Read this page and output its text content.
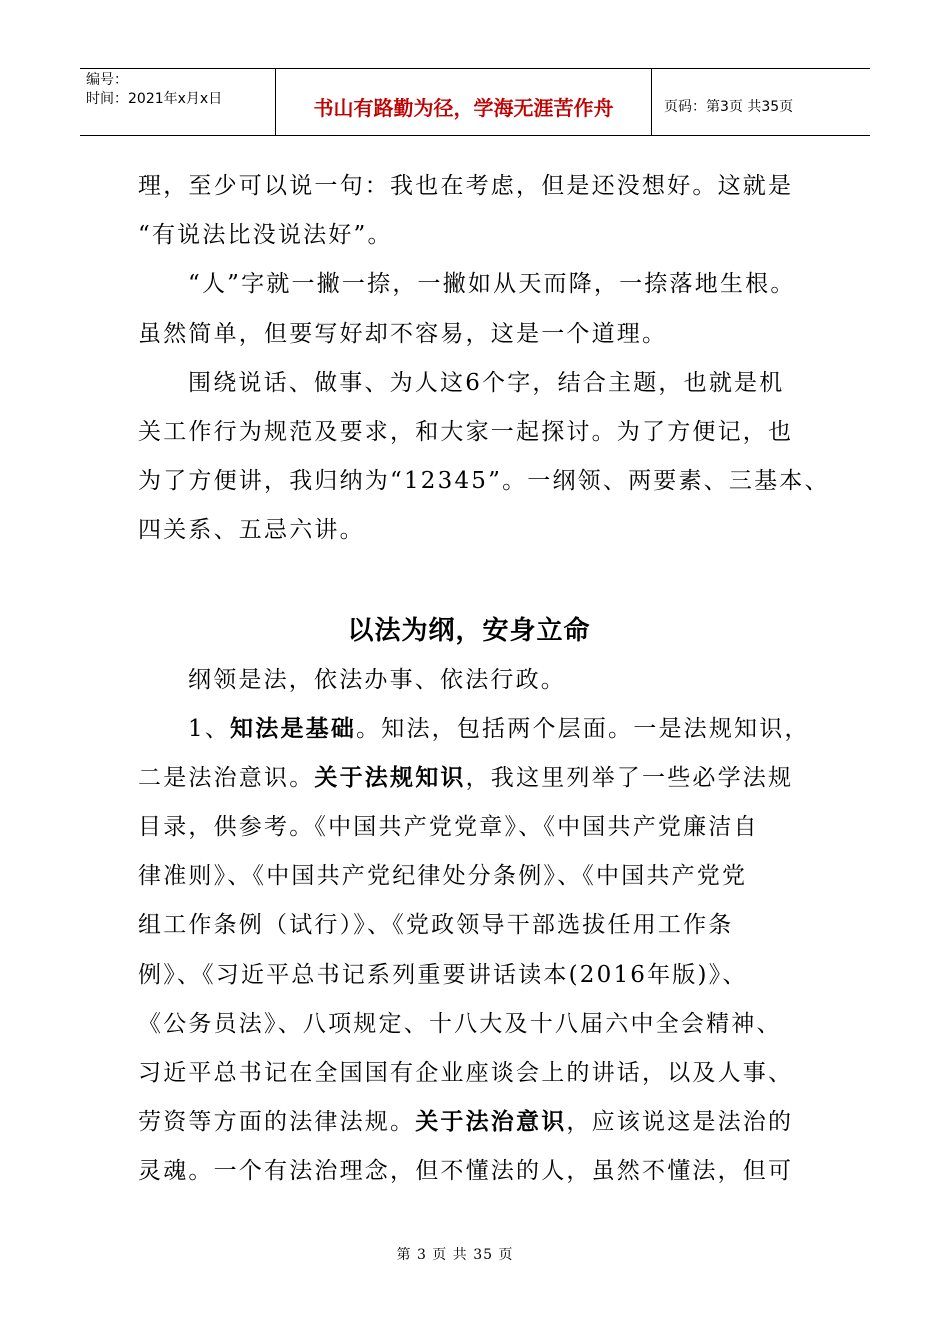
编号：
时间：2021年x月x日	书山有路勤为径，学海无涯苦作舟	页码：第3页 共35页
理，至少可以说一句：我也在考虑，但是还没想好。这就是
“有说法比没说法好”。
“人”字就一撇一捺，一撇如从天而降，一捺落地生根。
虽然简单，但要写好却不容易，这是一个道理。
围绕说话、做事、为人这6个字，结合主题，也就是机
关工作行为规范及要求，和大家一起探讨。为了方便记，也
为了方便讲，我归纳为“12345”。一纲领、两要素、三基本、
四关系、五忌六讲。
以法为纲，安身立命
纲领是法，依法办事、依法行政。
1、知法是基础。知法，包括两个层面。一是法规知识，
二是法治意识。关于法规知识，我这里列举了一些必学法规
目录，供参考。《中国共产党党章》、《中国共产党廉洁自
律准则》、《中国共产党纪律处分条例》、《中国共产党党
组工作条例（试行）》、《党政领导干部选拔任用工作条
例》、《习近平总书记系列重要讲话读本(2016年版)》、
《公务员法》、八项规定、十八大及十八届六中全会精神、
习近平总书记在全国国有企业座谈会上的讲话，以及人事、
劳资等方面的法律法规。关于法治意识，应该说这是法治的
灵魂。一个有法治理念，但不懂法的人，虽然不懂法，但可
第 3 页 共 35 页
